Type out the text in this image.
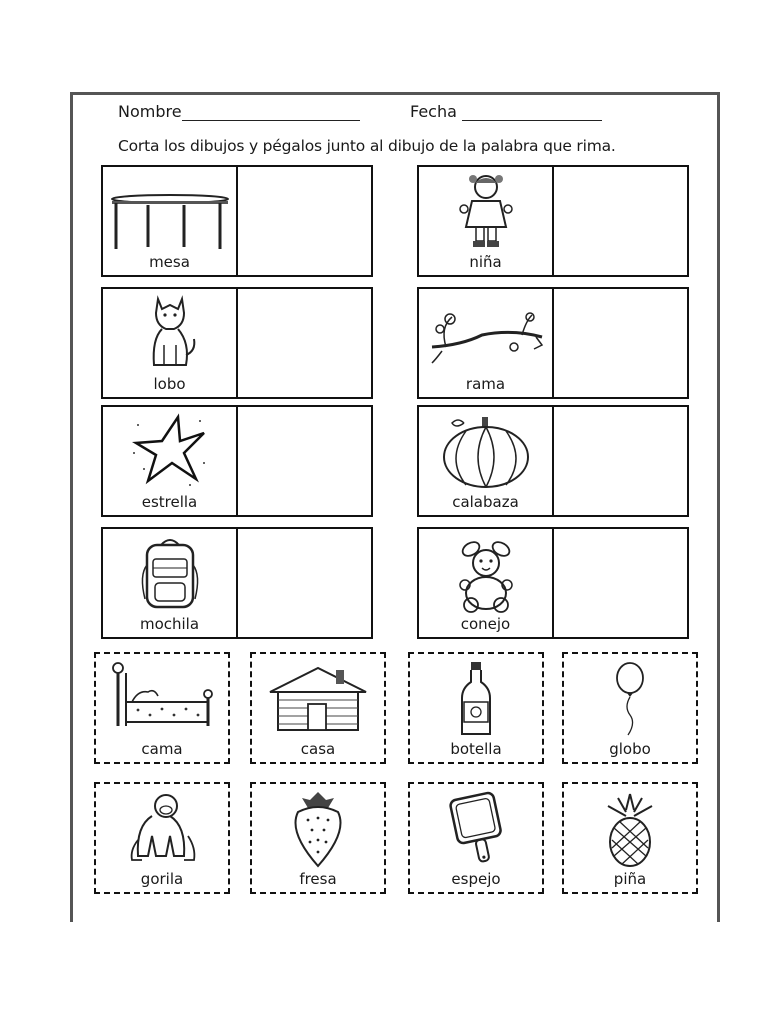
Nombre	Fecha
Corta los dibujos y pégalos junto al dibujo de la palabra que rima.
mesa	niña
lobo	rama
estrella	calabaza
mochila	conejo
cama	casa	botella	globo
gorila	fresa	espejo	piña
